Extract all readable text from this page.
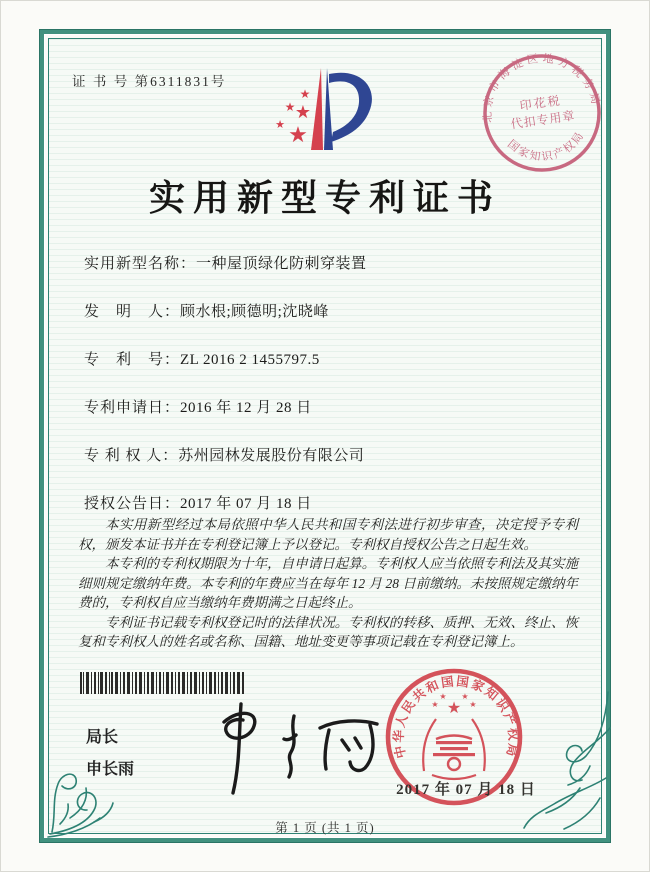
证 书 号 第6311831号
★
★ ★
★ ★
北京市海淀区地方税务局
印花税
代扣专用章
国家知识产权局
实用新型专利证书
实用新型名称：一种屋顶绿化防刺穿装置
发　明　人：顾水根;顾德明;沈晓峰
专　利　号：ZL 2016 2 1455797.5
专利申请日：2016 年 12 月 28 日
专 利 权 人：苏州园林发展股份有限公司
授权公告日：2017 年 07 月 18 日

本实用新型经过本局依照中华人民共和国专利法进行初步审查，决定授予专利权，颁发本证书并在专利登记簿上予以登记。专利权自授权公告之日起生效。

本专利的专利权期限为十年，自申请日起算。专利权人应当依照专利法及其实施细则规定缴纳年费。本专利的年费应当在每年 12 月 28 日前缴纳。未按照规定缴纳年费的，专利权自应当缴纳年费期满之日起终止。

专利证书记载专利权登记时的法律状况。专利权的转移、质押、无效、终止、恢复和专利权人的姓名或名称、国籍、地址变更等事项记载在专利登记簿上。

局长
申长雨
中华人民共和国国家知识产权局
★
★
★ ★
★
2017 年 07 月 18 日
第 1 页 (共 1 页)
